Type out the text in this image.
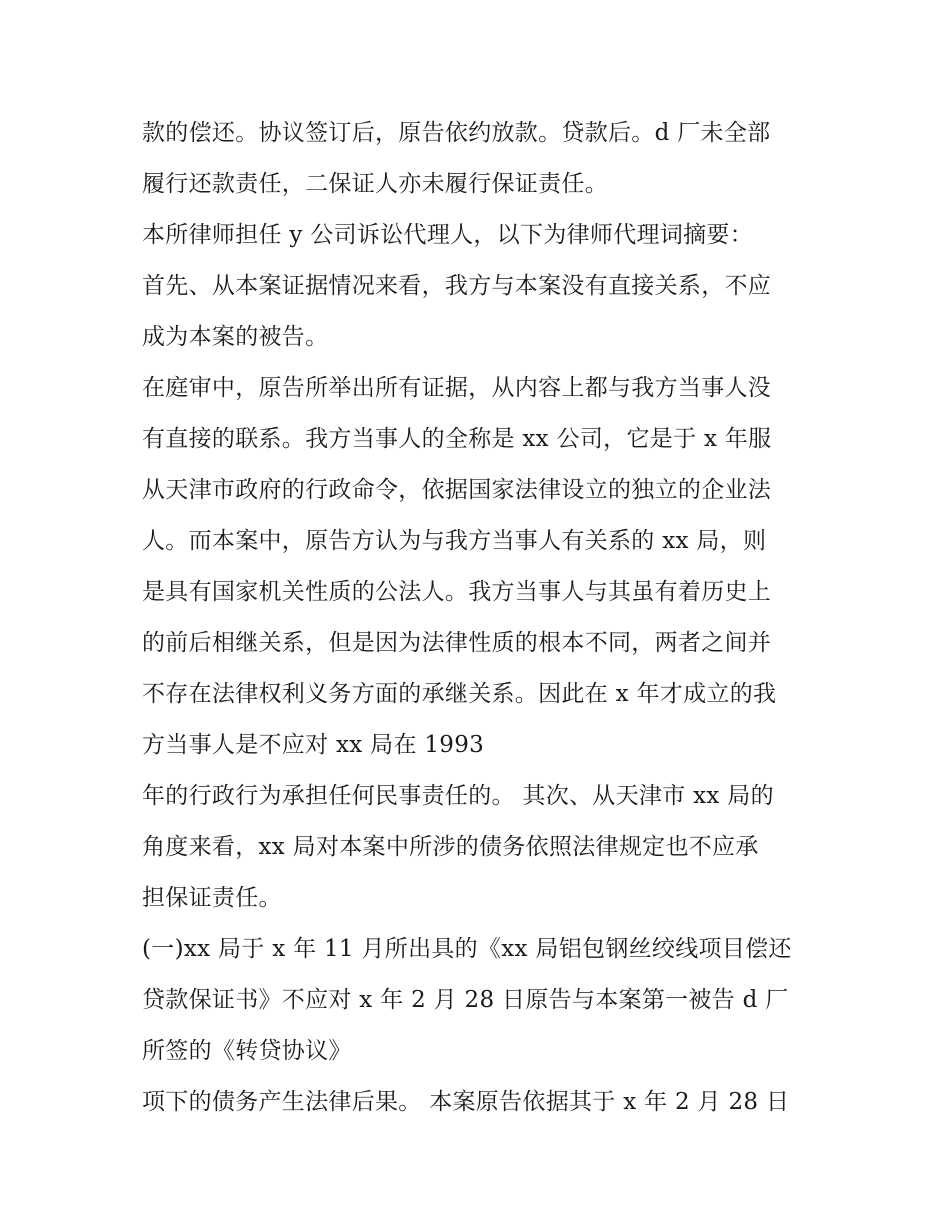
款的偿还。协议签订后，原告依约放款。贷款后。d 厂未全部
履行还款责任，二保证人亦未履行保证责任。
本所律师担任 y 公司诉讼代理人，以下为律师代理词摘要：
首先、从本案证据情况来看，我方与本案没有直接关系，不应
成为本案的被告。
在庭审中，原告所举出所有证据，从内容上都与我方当事人没
有直接的联系。我方当事人的全称是 xx 公司，它是于 x 年服
从天津市政府的行政命令，依据国家法律设立的独立的企业法
人。而本案中，原告方认为与我方当事人有关系的 xx 局，则
是具有国家机关性质的公法人。我方当事人与其虽有着历史上
的前后相继关系，但是因为法律性质的根本不同，两者之间并
不存在法律权利义务方面的承继关系。因此在 x 年才成立的我
方当事人是不应对 xx 局在 1993
年的行政行为承担任何民事责任的。 其次、从天津市 xx 局的
角度来看，xx 局对本案中所涉的债务依照法律规定也不应承
担保证责任。
(一)xx 局于 x 年 11 月所出具的《xx 局铝包钢丝绞线项目偿还
贷款保证书》不应对 x 年 2 月 28 日原告与本案第一被告 d 厂
所签的《转贷协议》
项下的债务产生法律后果。 本案原告依据其于 x 年 2 月 28 日
